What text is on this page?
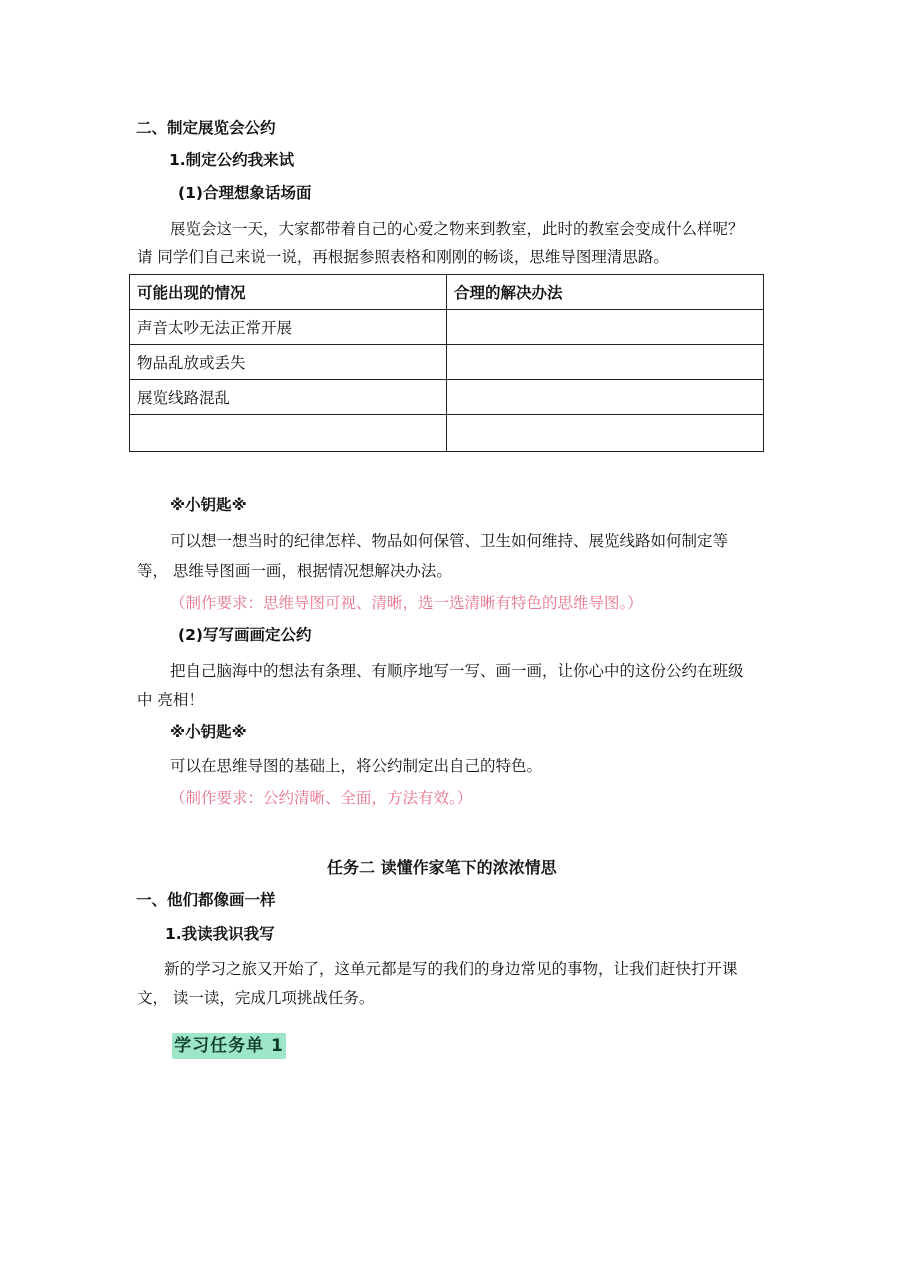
二、制定展览会公约
1.制定公约我来试
(1)合理想象话场面
展览会这一天，大家都带着自己的心爱之物来到教室，此时的教室会变成什么样呢？
请 同学们自己来说一说，再根据参照表格和刚刚的畅谈，思维导图理清思路。
可能出现的情况	合理的解决办法
声音太吵无法正常开展	
物品乱放或丢失	
展览线路混乱	

※小钥匙※
可以想一想当时的纪律怎样、物品如何保管、卫生如何维持、展览线路如何制定等
等， 思维导图画一画，根据情况想解决办法。
（制作要求：思维导图可视、清晰，选一选清晰有特色的思维导图。）
(2)写写画画定公约
把自己脑海中的想法有条理、有顺序地写一写、画一画，让你心中的这份公约在班级
中 亮相！
※小钥匙※
可以在思维导图的基础上，将公约制定出自己的特色。
（制作要求：公约清晰、全面，方法有效。）
任务二 读懂作家笔下的浓浓情思
一、他们都像画一样
1.我读我识我写
新的学习之旅又开始了，这单元都是写的我们的身边常见的事物，让我们赶快打开课
文， 读一读，完成几项挑战任务。
学习任务单 1
